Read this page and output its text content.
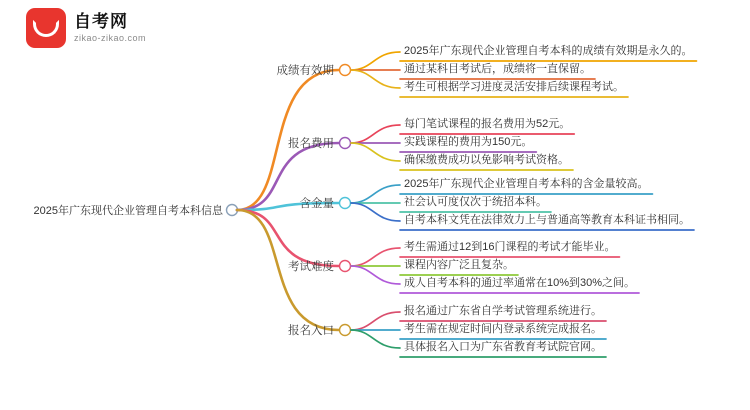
自考网
zikao-zikao.com
2025年广东现代企业管理自考本科信息
成绩有效期
2025年广东现代企业管理自考本科的成绩有效期是永久的。
通过某科目考试后，成绩将一直保留。
考生可根据学习进度灵活安排后续课程考试。
报名费用
每门笔试课程的报名费用为52元。
实践课程的费用为150元。
确保缴费成功以免影响考试资格。
含金量
2025年广东现代企业管理自考本科的含金量较高。
社会认可度仅次于统招本科。
自考本科文凭在法律效力上与普通高等教育本科证书相同。
考试难度
考生需通过12到16门课程的考试才能毕业。
课程内容广泛且复杂。
成人自考本科的通过率通常在10%到30%之间。
报名入口
报名通过广东省自学考试管理系统进行。
考生需在规定时间内登录系统完成报名。
具体报名入口为广东省教育考试院官网。
